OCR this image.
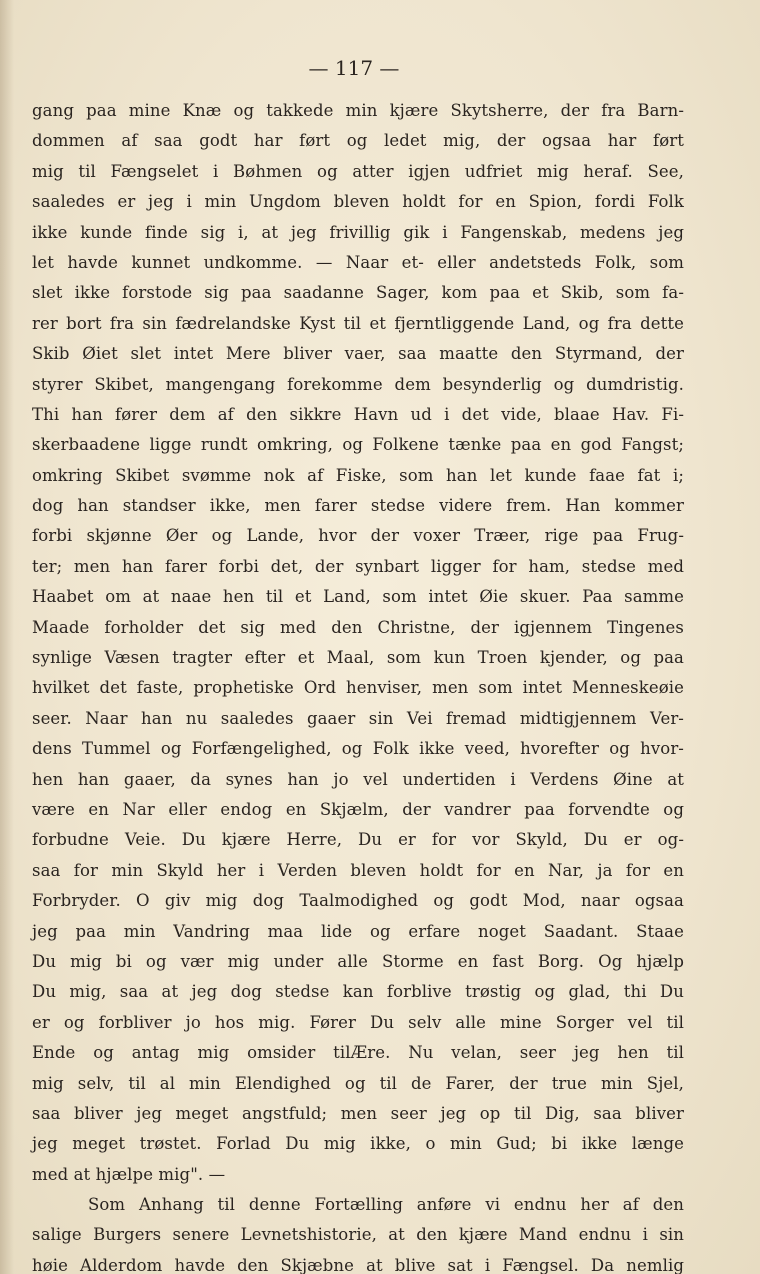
— 117 —
gang paa mine Knæ og takkede min kjære Skytsherre, der fra Barn-
dommen af saa godt har ført og ledet mig, der ogsaa har ført
mig til Fængselet i Bøhmen og atter igjen udfriet mig heraf. See,
saaledes er jeg i min Ungdom bleven holdt for en Spion, fordi Folk
ikke kunde finde sig i, at jeg frivillig gik i Fangenskab, medens jeg
let havde kunnet undkomme. — Naar et- eller andetsteds Folk, som
slet ikke forstode sig paa saadanne Sager, kom paa et Skib, som fa-
rer bort fra sin fædrelandske Kyst til et fjerntliggende Land, og fra dette
Skib Øiet slet intet Mere bliver vaer, saa maatte den Styrmand, der
styrer Skibet, mangengang forekomme dem besynderlig og dumdristig.
Thi han fører dem af den sikkre Havn ud i det vide, blaae Hav. Fi-
skerbaadene ligge rundt omkring, og Folkene tænke paa en god Fangst;
omkring Skibet svømme nok af Fiske, som han let kunde faae fat i;
dog han standser ikke, men farer stedse videre frem. Han kommer
forbi skjønne Øer og Lande, hvor der voxer Træer, rige paa Frug-
ter; men han farer forbi det, der synbart ligger for ham, stedse med
Haabet om at naae hen til et Land, som intet Øie skuer. Paa samme
Maade forholder det sig med den Christne, der igjennem Tingenes
synlige Væsen tragter efter et Maal, som kun Troen kjender, og paa
hvilket det faste, prophetiske Ord henviser, men som intet Menneskeøie
seer. Naar han nu saaledes gaaer sin Vei fremad midtigjennem Ver-
dens Tummel og Forfængelighed, og Folk ikke veed, hvorefter og hvor-
hen han gaaer, da synes han jo vel undertiden i Verdens Øine at
være en Nar eller endog en Skjælm, der vandrer paa forvendte og
forbudne Veie. Du kjære Herre, Du er for vor Skyld, Du er og-
saa for min Skyld her i Verden bleven holdt for en Nar, ja for en
Forbryder. O giv mig dog Taalmodighed og godt Mod, naar ogsaa
jeg paa min Vandring maa lide og erfare noget Saadant. Staae
Du mig bi og vær mig under alle Storme en fast Borg. Og hjælp
Du mig, saa at jeg dog stedse kan forblive trøstig og glad, thi Du
er og forbliver jo hos mig. Fører Du selv alle mine Sorger vel til
Ende og antag mig omsider tilÆre. Nu velan, seer jeg hen til
mig selv, til al min Elendighed og til de Farer, der true min Sjel,
saa bliver jeg meget angstfuld; men seer jeg op til Dig, saa bliver
jeg meget trøstet. Forlad Du mig ikke, o min Gud; bi ikke længe
med at hjælpe mig". —
Som Anhang til denne Fortælling anføre vi endnu her af den
salige Burgers senere Levnetshistorie, at den kjære Mand endnu i sin
høie Alderdom havde den Skjæbne at blive sat i Fængsel. Da nemlig
